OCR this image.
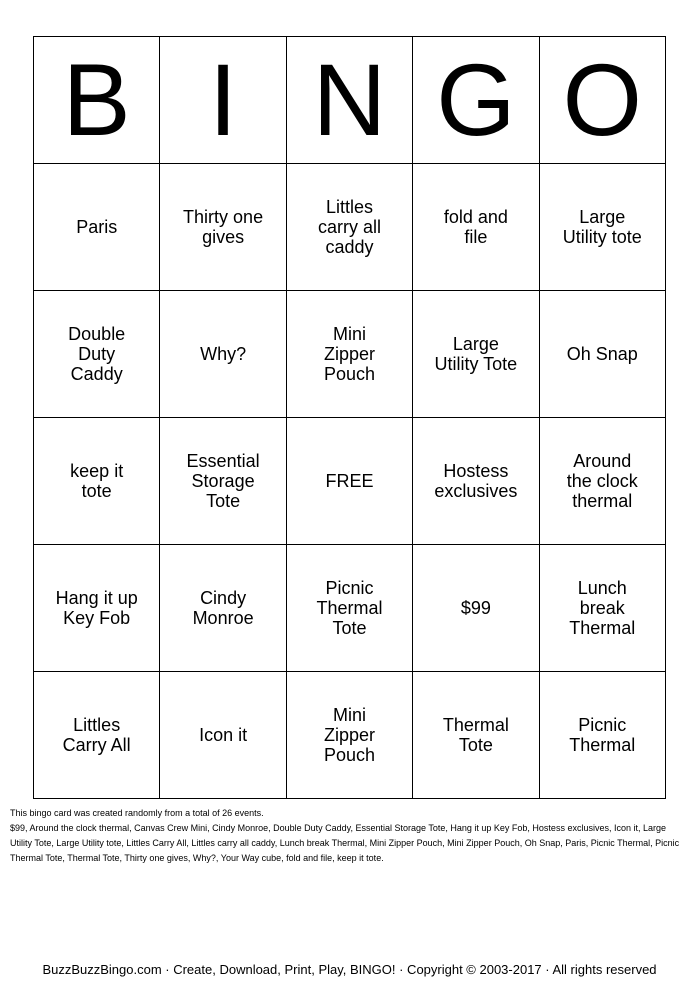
B	I	N	G	O
Paris	Thirty one gives	Littles carry all caddy	fold and file	Large Utility tote
Double Duty Caddy	Why?	Mini Zipper Pouch	Large Utility Tote	Oh Snap
keep it tote	Essential Storage Tote	FREE	Hostess exclusives	Around the clock thermal
Hang it up Key Fob	Cindy Monroe	Picnic Thermal Tote	$99	Lunch break Thermal
Littles Carry All	Icon it	Mini Zipper Pouch	Thermal Tote	Picnic Thermal

This bingo card was created randomly from a total of 26 events.

$99, Around the clock thermal, Canvas Crew Mini, Cindy Monroe, Double Duty Caddy, Essential Storage Tote, Hang it up Key Fob, Hostess exclusives, Icon it, Large Utility Tote, Large Utility tote, Littles Carry All, Littles carry all caddy, Lunch break Thermal, Mini Zipper Pouch, Mini Zipper Pouch, Oh Snap, Paris, Picnic Thermal, Picnic Thermal Tote, Thermal Tote, Thirty one gives, Why?, Your Way cube, fold and file, keep it tote.

BuzzBuzzBingo.com · Create, Download, Print, Play, BINGO! · Copyright © 2003-2017 · All rights reserved
